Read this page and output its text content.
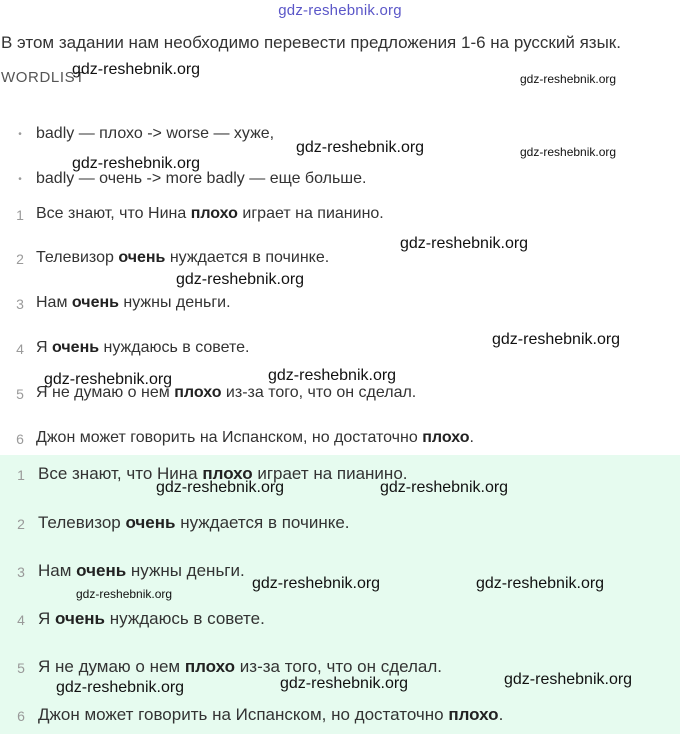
gdz-reshebnik.org
В этом задании нам необходимо перевести предложения 1-6 на русский язык.
WORDLIST
• badly — плохо -> worse — хуже,
• badly — очень -> more badly — еще больше.
1 Все знают, что Нина плохо играет на пианино.
2 Телевизор очень нуждается в починке.
3 Нам очень нужны деньги.
4 Я очень нуждаюсь в совете.
5 Я не думаю о нем плохо из-за того, что он сделал.
6 Джон может говорить на Испанском, но достаточно плохо.
1 Все знают, что Нина плохо играет на пианино.
2 Телевизор очень нуждается в починке.
3 Нам очень нужны деньги.
4 Я очень нуждаюсь в совете.
5 Я не думаю о нем плохо из-за того, что он сделал.
6 Джон может говорить на Испанском, но достаточно плохо.
gdz-reshebnik.org
gdz-reshebnik.org
gdz-reshebnik.org	gdz-reshebnik.org
gdz-reshebnik.org
gdz-reshebnik.org
gdz-reshebnik.org
gdz-reshebnik.org
gdz-reshebnik.org	gdz-reshebnik.org
gdz-reshebnik.org	gdz-reshebnik.org
gdz-reshebnik.org	gdz-reshebnik.org
gdz-reshebnik.org
gdz-reshebnik.org
gdz-reshebnik.org	gdz-reshebnik.org
